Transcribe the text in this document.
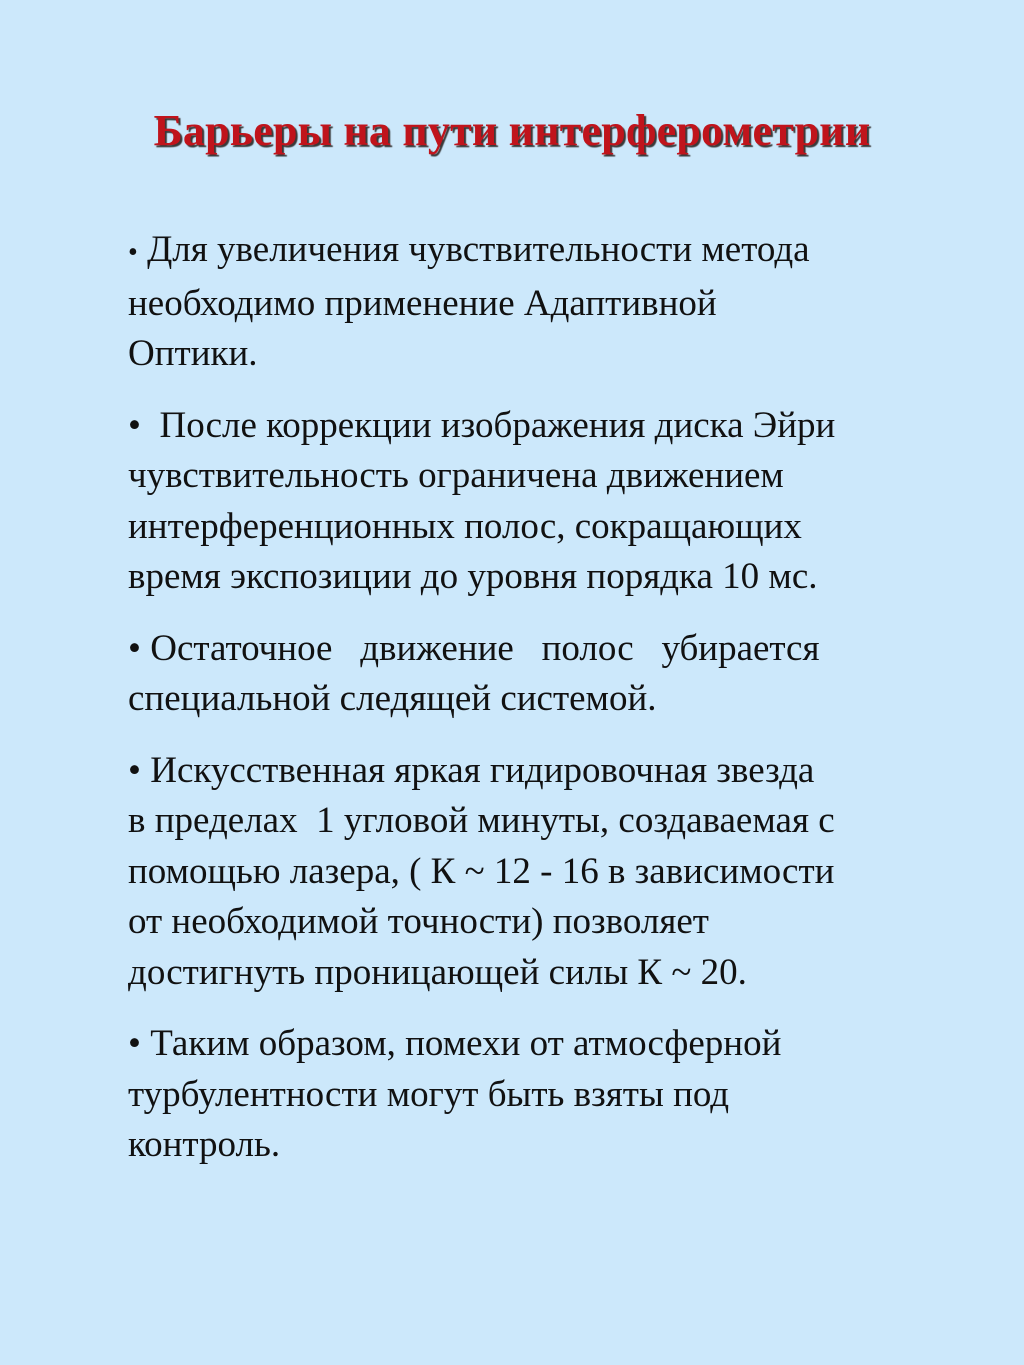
Барьеры на пути интерферометрии
• Для увеличения чувствительности метода
необходимо применение Адаптивной
Оптики.
•  После коррекции изображения диска Эйри
чувствительность ограничена движением
интерференционных полос, сокращающих
время экспозиции до уровня порядка 10 мс.
• Остаточное   движение   полос   убирается
специальной следящей системой.
• Искусственная яркая гидировочная звезда
в пределах  1 угловой минуты, создаваемая с
помощью лазера, ( К ~ 12 - 16 в зависимости
от необходимой точности) позволяет
достигнуть проницающей силы К ~ 20.
• Таким образом, помехи от атмосферной
турбулентности могут быть взяты под
контроль.
